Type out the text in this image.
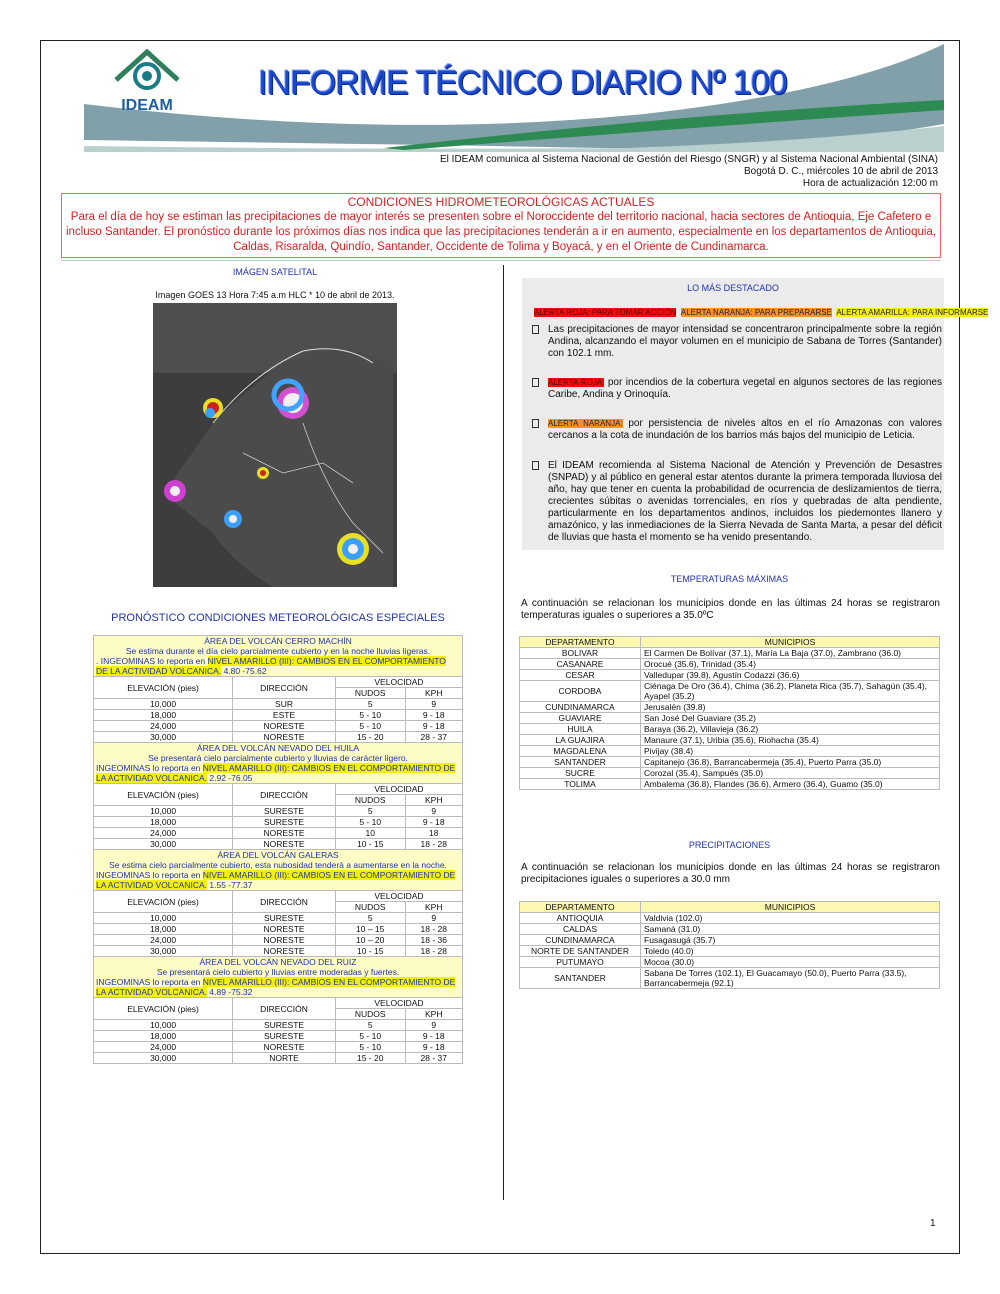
IDEAM
INFORME TÉCNICO DIARIO Nº 100
El IDEAM comunica al Sistema Nacional de Gestión del Riesgo (SNGR) y al Sistema Nacional Ambiental (SINA)
Bogotá D. C., miércoles 10 de abril de 2013
Hora de actualización 12:00 m
CONDICIONES HIDROMETEOROLÓGICAS ACTUALES
Para el día de hoy se estiman las precipitaciones de mayor interés se presenten sobre el Noroccidente del territorio nacional, hacia sectores de Antioquia, Eje Cafetero e incluso Santander. El pronóstico durante los próximos días nos indica que las precipitaciones tenderán a ir en aumento, especialmente en los departamentos de Antioquia, Caldas, Risaralda, Quindío, Santander, Occidente de Tolima y Boyacá, y en el Oriente de Cundinamarca.
IMÁGEN SATELITAL
Imagen GOES 13 Hora 7:45 a.m HLC * 10 de abril de 2013.
PRONÓSTICO CONDICIONES METEOROLÓGICAS ESPECIALES
ÁREA DEL VOLCÁN CERRO MACHÍN
Se estima durante el día cielo parcialmente cubierto y en la noche lluvias ligeras.
. INGEOMINAS lo reporta en NIVEL AMARILLO (III): CAMBIOS EN EL COMPORTAMIENTO DE LA ACTIVIDAD VOLCANICA. 4.80 -75.62			

ELEVACIÓN (pies)	DIRECCIÓN	VELOCIDAD	
		NUDOS	KPH
10,000	SUR	5	9
18,000	ESTE	5 - 10	9 - 18
24,000	NORESTE	5 - 10	9 - 18
30,000	NORESTE	15 - 20	28 - 37

ÁREA DEL VOLCÁN NEVADO DEL HUILA
Se presentará cielo parcialmente cubierto y lluvias de carácter ligero.
INGEOMINAS lo reporta en NIVEL AMARILLO (III): CAMBIOS EN EL COMPORTAMIENTO DE LA ACTIVIDAD VOLCANICA. 2.92 -76.05			

ELEVACIÓN (pies)	DIRECCIÓN	VELOCIDAD	
		NUDOS	KPH
10,000	SURESTE	5	9
18,000	SURESTE	5 - 10	9 - 18
24,000	NORESTE	10	18
30,000	NORESTE	10 - 15	18 - 28

ÁREA DEL VOLCÁN GALERAS
Se estima cielo parcialmente cubierto, esta nubosidad tenderá a aumentarse en la noche.
INGEOMINAS lo reporta en NIVEL AMARILLO (III): CAMBIOS EN EL COMPORTAMIENTO DE LA ACTIVIDAD VOLCANICA. 1.55 -77.37			

ELEVACIÓN (pies)	DIRECCIÓN	VELOCIDAD	
		NUDOS	KPH
10,000	SURESTE	5	9
18,000	NORESTE	10 – 15	18 - 28
24,000	NORESTE	10 – 20	18 - 36
30,000	NORESTE	10 - 15	18 - 28

ÁREA DEL VOLCÁN NEVADO DEL RUIZ
Se presentará cielo cubierto y lluvias entre moderadas y fuertes.
INGEOMINAS lo reporta en NIVEL AMARILLO (III): CAMBIOS EN EL COMPORTAMIENTO DE LA ACTIVIDAD VOLCANICA. 4.89 -75.32			

ELEVACIÓN (pies)	DIRECCIÓN	VELOCIDAD	
		NUDOS	KPH
10,000	SURESTE	5	9
18,000	SURESTE	5 - 10	9 - 18
24,000	NORESTE	5 - 10	9 - 18
30,000	NORTE	15 - 20	28 - 37
LO MÁS DESTACADO
ALERTA ROJA: PARA TOMAR ACCIÓN ALERTA NARANJA: PARA PREPARARSE ALERTA AMARILLA: PARA INFORMARSE
Las precipitaciones de mayor intensidad se concentraron principalmente sobre la región Andina, alcanzando el mayor volumen en el municipio de Sabana de Torres (Santander) con 102.1 mm.
ALERTA ROJA: por incendios de la cobertura vegetal en algunos sectores de las regiones Caribe, Andina y Orinoquía.
ALERTA NARANJA: por persistencia de niveles altos en el río Amazonas con valores cercanos a la cota de inundación de los barrios más bajos del municipio de Leticia.
El IDEAM recomienda al Sistema Nacional de Atención y Prevención de Desastres (SNPAD) y al público en general estar atentos durante la primera temporada lluviosa del año, hay que tener en cuenta la probabilidad de ocurrencia de deslizamientos de tierra, crecientes súbitas o avenidas torrenciales, en ríos y quebradas de alta pendiente, particularmente en los departamentos andinos, incluidos los piedemontes llanero y amazónico, y las inmediaciones de la Sierra Nevada de Santa Marta, a pesar del déficit de lluvias que hasta el momento se ha venido presentando.
TEMPERATURAS MÁXIMAS
A continuación se relacionan los municipios donde en las últimas 24 horas se registraron temperaturas iguales o superiores a 35.0ºC
DEPARTAMENTO	MUNICIPIOS
BOLIVAR	El Carmen De Bolívar (37.1), María La Baja (37.0), Zambrano (36.0)
CASANARE	Orocué (35.6), Trinidad (35.4)
CESAR	Valledupar (39.8), Agustín Codazzi (36.6)
CORDOBA	Ciénaga De Oro (36.4), Chima (36.2), Planeta Rica (35.7), Sahagún (35.4), Ayapel (35.2)
CUNDINAMARCA	Jerusalén (39.8)
GUAVIARE	San José Del Guaviare (35.2)
HUILA	Baraya (36.2), Villavieja (36.2)
LA GUAJIRA	Manaure (37.1), Uribia (35.6), Riohacha (35.4)
MAGDALENA	Pivijay (38.4)
SANTANDER	Capitanejo (36.8), Barrancabermeja (35.4), Puerto Parra (35.0)
SUCRE	Corozal (35.4), Sampués (35.0)
TOLIMA	Ambalema (36.8), Flandes (36.6), Armero (36.4), Guamo (35.0)
PRECIPITACIONES
A continuación se relacionan los municipios donde en las últimas 24 horas se registraron precipitaciones iguales o superiores a 30.0 mm
DEPARTAMENTO	MUNICIPIOS
ANTIOQUIA	Valdivia (102.0)
CALDAS	Samaná (31.0)
CUNDINAMARCA	Fusagasugá (35.7)
NORTE DE SANTANDER	Toledo (40.0)
PUTUMAYO	Mocoa (30.0)
SANTANDER	Sabana De Torres (102.1), El Guacamayo (50.0), Puerto Parra (33.5), Barrancabermeja (92.1)
1
